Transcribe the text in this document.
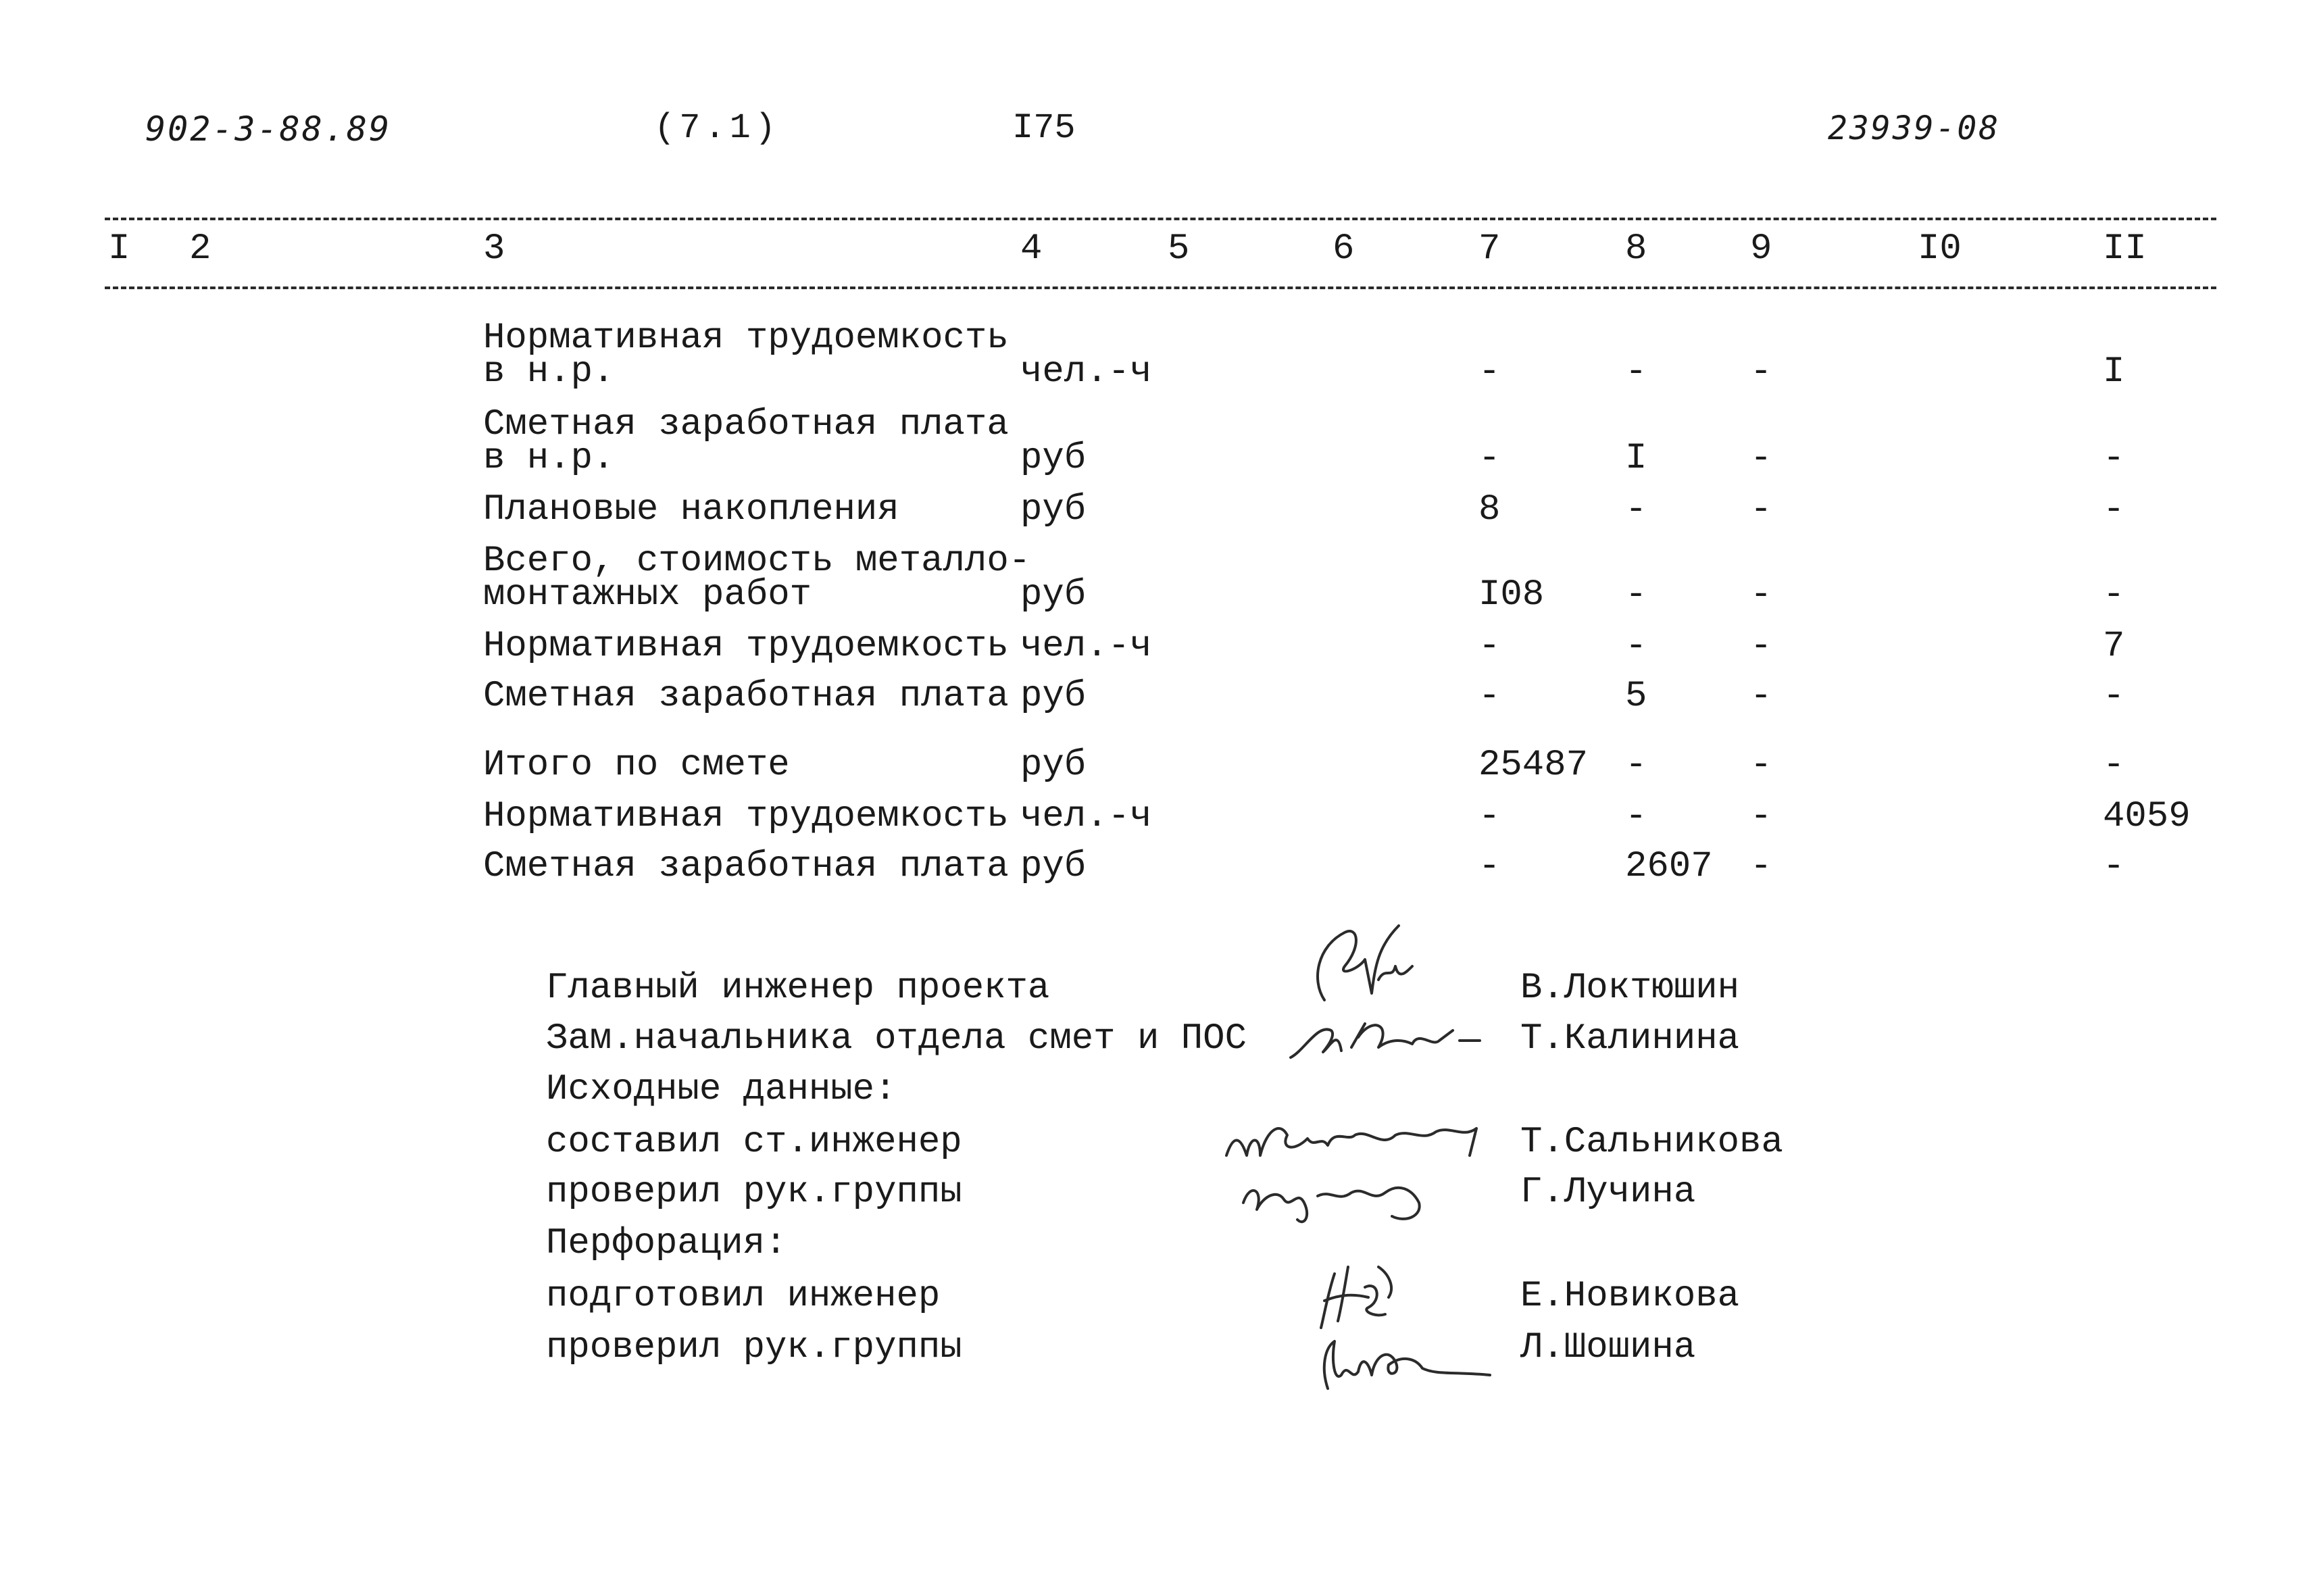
902-3-88.89	(7.1)	I75	23939-08
I 2	3	4	5	6	7	8	9	I0	II
Нормативная трудоемкость
в н.р.	чел.-ч	-	-	-	I
Сметная заработная плата
в н.р.	руб	-	I	-	-
Плановые накопления	руб	8	-	-	-
Всего, стоимость металло-
монтажных работ	руб	I08 -	-	-
Нормативная трудоемкость чел.-ч	-	-	-	7
Сметная заработная плата руб	-	5	-	-
Итого по смете	руб	25487 -	-	-
Нормативная трудоемкость чел.-ч	-	-	-	4059
Сметная заработная плата руб	-	2607 -	-
Главный инженер проекта	В.Локтюшин
Зам.начальника отдела смет и ПОС	Т.Калинина
Исходные данные:
составил ст.инженер	Т.Сальникова
проверил рук.группы	Г.Лучина
Перфорация:
подготовил инженер	Е.Новикова
проверил рук.группы	Л.Шошина
